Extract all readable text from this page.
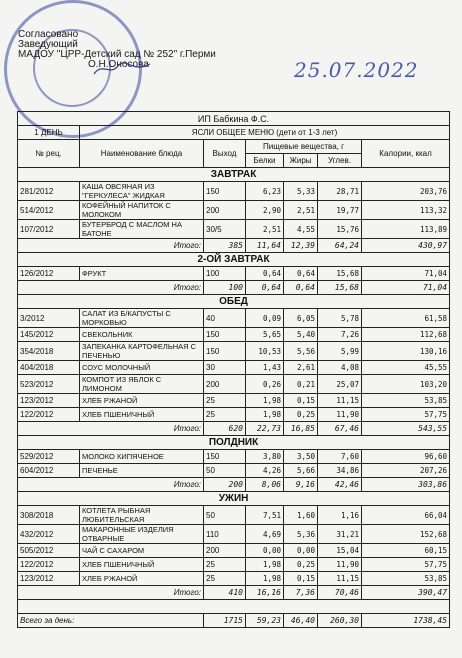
Согласовано
Заведующий
МАДОУ "ЦРР-Детский сад № 252" г.Перми
О.Н.Оносова	25.07.2022
ИП Бабкина Ф.С.						
1 ДЕНЬ	ЯСЛИ ОБЩЕЕ МЕНЮ (дети от 1-3 лет)					
№ рец.	Наименование блюда	Выход	Пищевые вещества, г			Калории, ккал
			Белки	Жиры	Углев.	
ЗАВТРАК						
281/2012	КАША ОВСЯНАЯ ИЗ "ГЕРКУЛЕСА" ЖИДКАЯ	150	6,23	5,33	28,71	203,76
514/2012	КОФЕЙНЫЙ НАПИТОК С МОЛОКОМ	200	2,90	2,51	19,77	113,32
107/2012	БУТЕРБРОД С МАСЛОМ НА БАТОНЕ	30/5	2,51	4,55	15,76	113,89
Итого:		385	11,64	12,39	64,24	430,97
2-ОЙ ЗАВТРАК						
126/2012	ФРУКТ	100	0,64	0,64	15,68	71,04
Итого:		100	0,64	0,64	15,68	71,04
ОБЕД						
3/2012	САЛАТ ИЗ Б/КАПУСТЫ С МОРКОВЬЮ	40	0,09	6,05	5,78	61,58
145/2012	СВЕКОЛЬНИК	150	5,65	5,40	7,26	112,68
354/2018	ЗАПЕКАНКА КАРТОФЕЛЬНАЯ С ПЕЧЕНЬЮ	150	10,53	5,56	5,99	130,16
404/2018	СОУС МОЛОЧНЫЙ	30	1,43	2,61	4,08	45,55
523/2012	КОМПОТ ИЗ ЯБЛОК С ЛИМОНОМ	200	0,26	0,21	25,07	103,20
123/2012	ХЛЕБ РЖАНОЙ	25	1,98	0,15	11,15	53,85
122/2012	ХЛЕБ ПШЕНИЧНЫЙ	25	1,98	0,25	11,90	57,75
Итого:		620	22,73	16,85	67,46	543,55
ПОЛДНИК						
529/2012	МОЛОКО КИПЯЧЕНОЕ	150	3,80	3,50	7,60	96,60
604/2012	ПЕЧЕНЬЕ	50	4,26	5,66	34,86	207,26
Итого:		200	8,06	9,16	42,46	303,86
УЖИН						
308/2018	КОТЛЕТА РЫБНАЯ ЛЮБИТЕЛЬСКАЯ	50	7,51	1,60	1,16	66,04
432/2012	МАКАРОННЫЕ ИЗДЕЛИЯ ОТВАРНЫЕ	110	4,69	5,36	31,21	152,68
505/2012	ЧАЙ С САХАРОМ	200	0,00	0,00	15,04	60,15
122/2012	ХЛЕБ ПШЕНИЧНЫЙ	25	1,98	0,25	11,90	57,75
123/2012	ХЛЕБ РЖАНОЙ	25	1,98	0,15	11,15	53,85
Итого:		410	16,16	7,36	70,46	390,47

Всего за день:		1715	59,23	46,40	260,30	1738,45
